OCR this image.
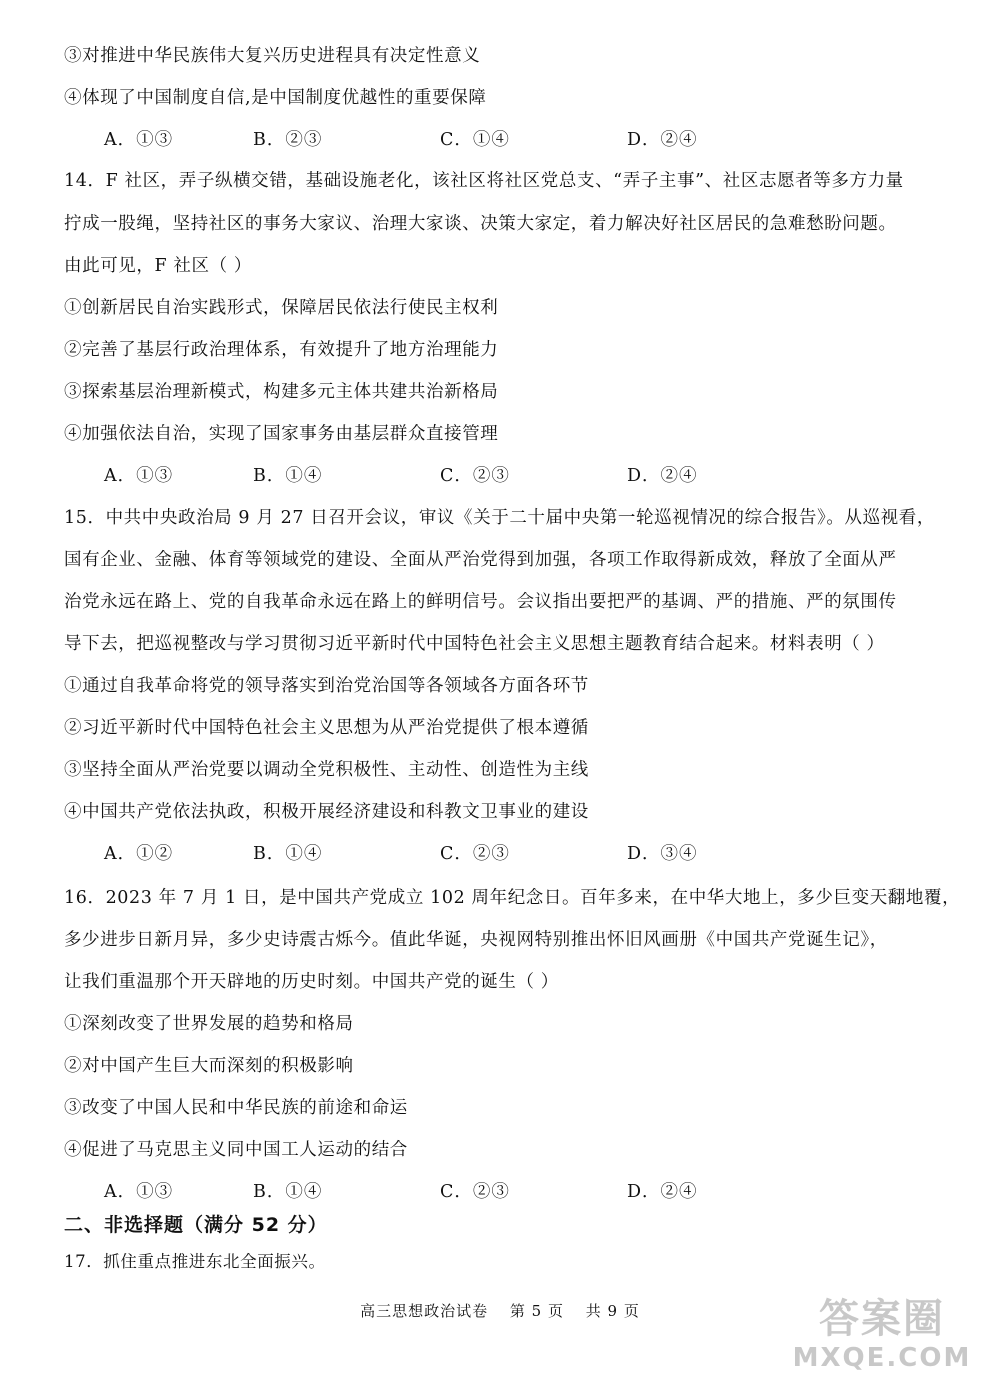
③对推进中华民族伟大复兴历史进程具有决定性意义
④体现了中国制度自信,是中国制度优越性的重要保障
A．①③	B．②③	C．①④	D．②④
14．F 社区，弄子纵横交错，基础设施老化，该社区将社区党总支、“弄子主事”、社区志愿者等多方力量
拧成一股绳，坚持社区的事务大家议、治理大家谈、决策大家定，着力解决好社区居民的急难愁盼问题。
由此可见，F 社区（ ）
①创新居民自治实践形式，保障居民依法行使民主权利
②完善了基层行政治理体系，有效提升了地方治理能力
③探索基层治理新模式，构建多元主体共建共治新格局
④加强依法自治，实现了国家事务由基层群众直接管理
A．①③	B．①④	C．②③	D．②④
15．中共中央政治局 9 月 27 日召开会议，审议《关于二十届中央第一轮巡视情况的综合报告》。从巡视看，
国有企业、金融、体育等领域党的建设、全面从严治党得到加强，各项工作取得新成效，释放了全面从严
治党永远在路上、党的自我革命永远在路上的鲜明信号。会议指出要把严的基调、严的措施、严的氛围传
导下去，把巡视整改与学习贯彻习近平新时代中国特色社会主义思想主题教育结合起来。材料表明（ ）
①通过自我革命将党的领导落实到治党治国等各领域各方面各环节
②习近平新时代中国特色社会主义思想为从严治党提供了根本遵循
③坚持全面从严治党要以调动全党积极性、主动性、创造性为主线
④中国共产党依法执政，积极开展经济建设和科教文卫事业的建设
A．①②	B．①④	C．②③	D．③④
16．2023 年 7 月 1 日，是中国共产党成立 102 周年纪念日。百年多来，在中华大地上，多少巨变天翻地覆，
多少进步日新月异，多少史诗震古烁今。值此华诞，央视网特别推出怀旧风画册《中国共产党诞生记》，
让我们重温那个开天辟地的历史时刻。中国共产党的诞生（ ）
①深刻改变了世界发展的趋势和格局
②对中国产生巨大而深刻的积极影响
③改变了中国人民和中华民族的前途和命运
④促进了马克思主义同中国工人运动的结合
A．①③	B．①④	C．②③	D．②④
二、非选择题（满分 52 分）
17．抓住重点推进东北全面振兴。
高三思想政治试卷 第 5 页 共 9 页	答案圈
MXQE.COM
